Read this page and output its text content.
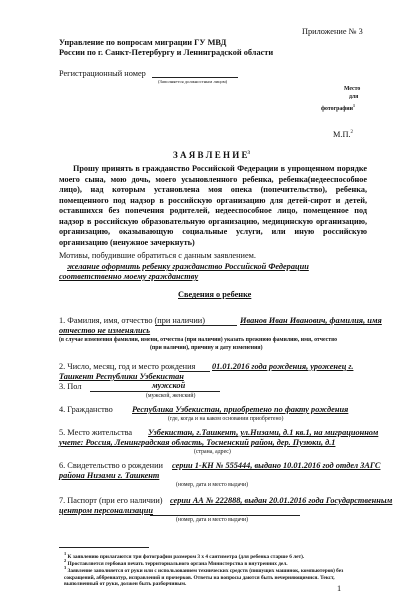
Приложение № 3
Управление по вопросам миграции ГУ МВД
России по г. Санкт-Петербургу и Ленинградской области
Регистрационный номер
(Заполняется должностным лицом)
Место
для
фотографии$^1$
М.П.$^2$
З А Я В Л Е Н И $Е^3$
Прошу принять в гражданство Российской Федерации в упрощенном порядке моего сына, мою дочь, моего усыновленного ребенка, ребенка(недееспособное лицо), над которым установлена моя опека (попечительство), ребенка, помещенного под надзор в российскую организацию для детей-сирот и детей, оставшихся без попечения родителей, недееспособное лицо, помещенное под надзор в российскую образовательную организацию, медицинскую организацию, организацию, оказывающую социальные услуги, или иную российскую организацию (ненужное зачеркнуть)
Мотивы, побудившие обратиться с данным заявлением.
желание оформить ребенку гражданство Российской Федерации соответственно моему гражданству
Сведения о ребенке
1. Фамилия, имя, отчество (при наличии)	Иванов Иван Иванович, фамилия, имя
отчество не изменялись
(в случае изменения фамилии, имени, отчества (при наличии) указать прежнюю фамилию, имя, отчество
(при наличии), причину и дату изменения)
2. Число, месяц, год и место рождения 01.01.2016 года рождения, уроженец г.
Ташкент Республики Узбекистан
3. Пол	мужской
(мужской, женский)
4. Гражданство Республика Узбекистан, приобретено по факту рождения
(где, когда и на каком основании приобретено)
5. Место жительства Узбекистан, г.Ташкент, ул.Низами, д.1 кв.1, на миграционном
учете: Россия, Ленинградская область, Тосненский район, дер. Пузюки, д.1
(страна, адрес)
6. Свидетельство о рождении серии 1-КН № 555444, выдано 10.01.2016 год отдел ЗАГС
района Низами г. Ташкент
(номер, дата и место выдачи)
7. Паспорт (при его наличии) серии АА № 222888, выдан 20.01.2016 года Государственным
центром персонализации
(номер, дата и место выдачи)
$^1$ К заявлению прилагаются три фотографии размером 3 х 4 сантиметра (для ребенка старше 6 лет).
$^2$ Проставляется гербовая печать территориального органа Министерства в внутренних дел.
$^3$ Заявление заполняется от руки или с использованием технических средств (пишущих машинок, компьютеров) без сокращений, аббревиатур, исправлений и прочерков. Ответы на вопросы даются быть нечерняющимися. Текст, выполненный от руки, должен быть разборчивым.	1
